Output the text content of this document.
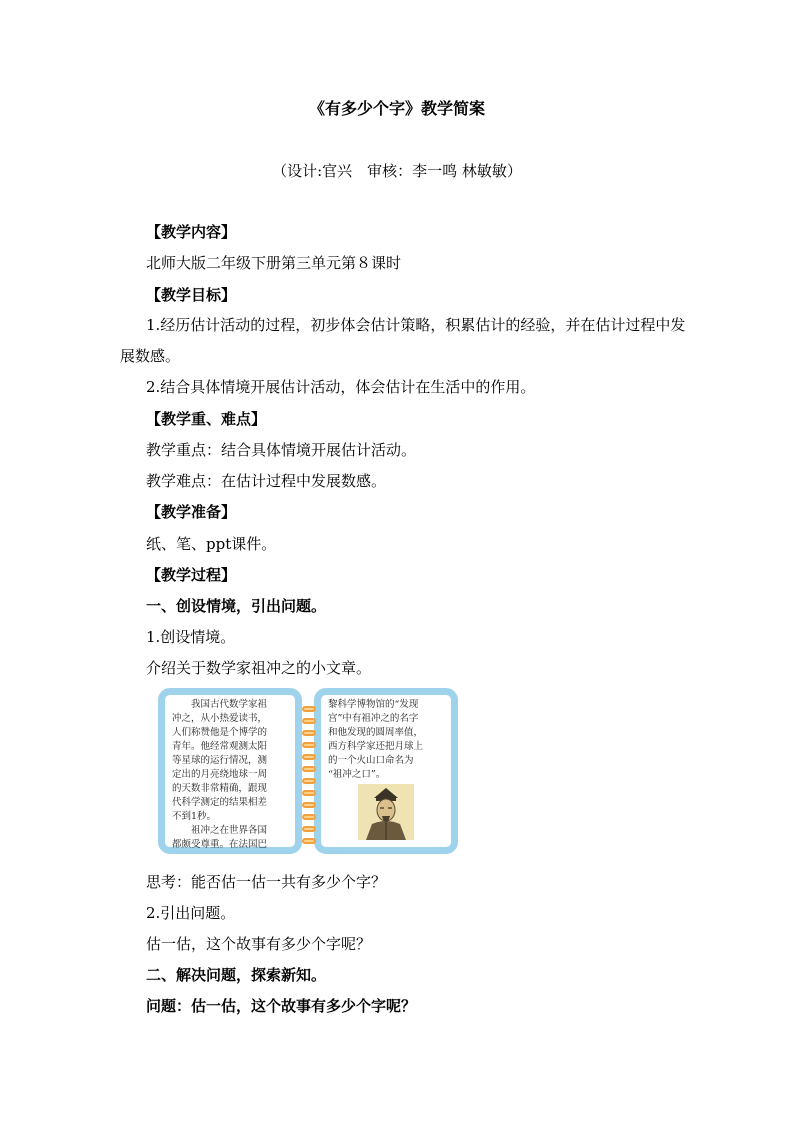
《有多少个字》教学简案
（设计:官兴　审核：李一鸣 林敏敏）
【教学内容】
北师大版二年级下册第三单元第８课时
【教学目标】
1.经历估计活动的过程，初步体会估计策略，积累估计的经验，并在估计过程中发展数感。
2.结合具体情境开展估计活动，体会估计在生活中的作用。
【教学重、难点】
教学重点：结合具体情境开展估计活动。
教学难点：在估计过程中发展数感。
【教学准备】
纸、笔、ppt课件。
【教学过程】
一、创设情境，引出问题。
1.创设情境。
介绍关于数学家祖冲之的小文章。
　　我国古代数学家祖
冲之，从小热爱读书，
人们称赞他是个博学的
青年。他经常观测太阳
等星球的运行情况，测
定出的月亮绕地球一周
的天数非常精确，跟现
代科学测定的结果相差
不到1秒。
　　祖冲之在世界各国
都颇受尊重。在法国巴
黎科学博物馆的“发现
宫”中有祖冲之的名字
和他发现的圆周率值，
西方科学家还把月球上
的一个火山口命名为
“祖冲之口”。
思考：能否估一估一共有多少个字？
2.引出问题。
估一估，这个故事有多少个字呢？
二、解决问题，探索新知。
问题：估一估，这个故事有多少个字呢？
